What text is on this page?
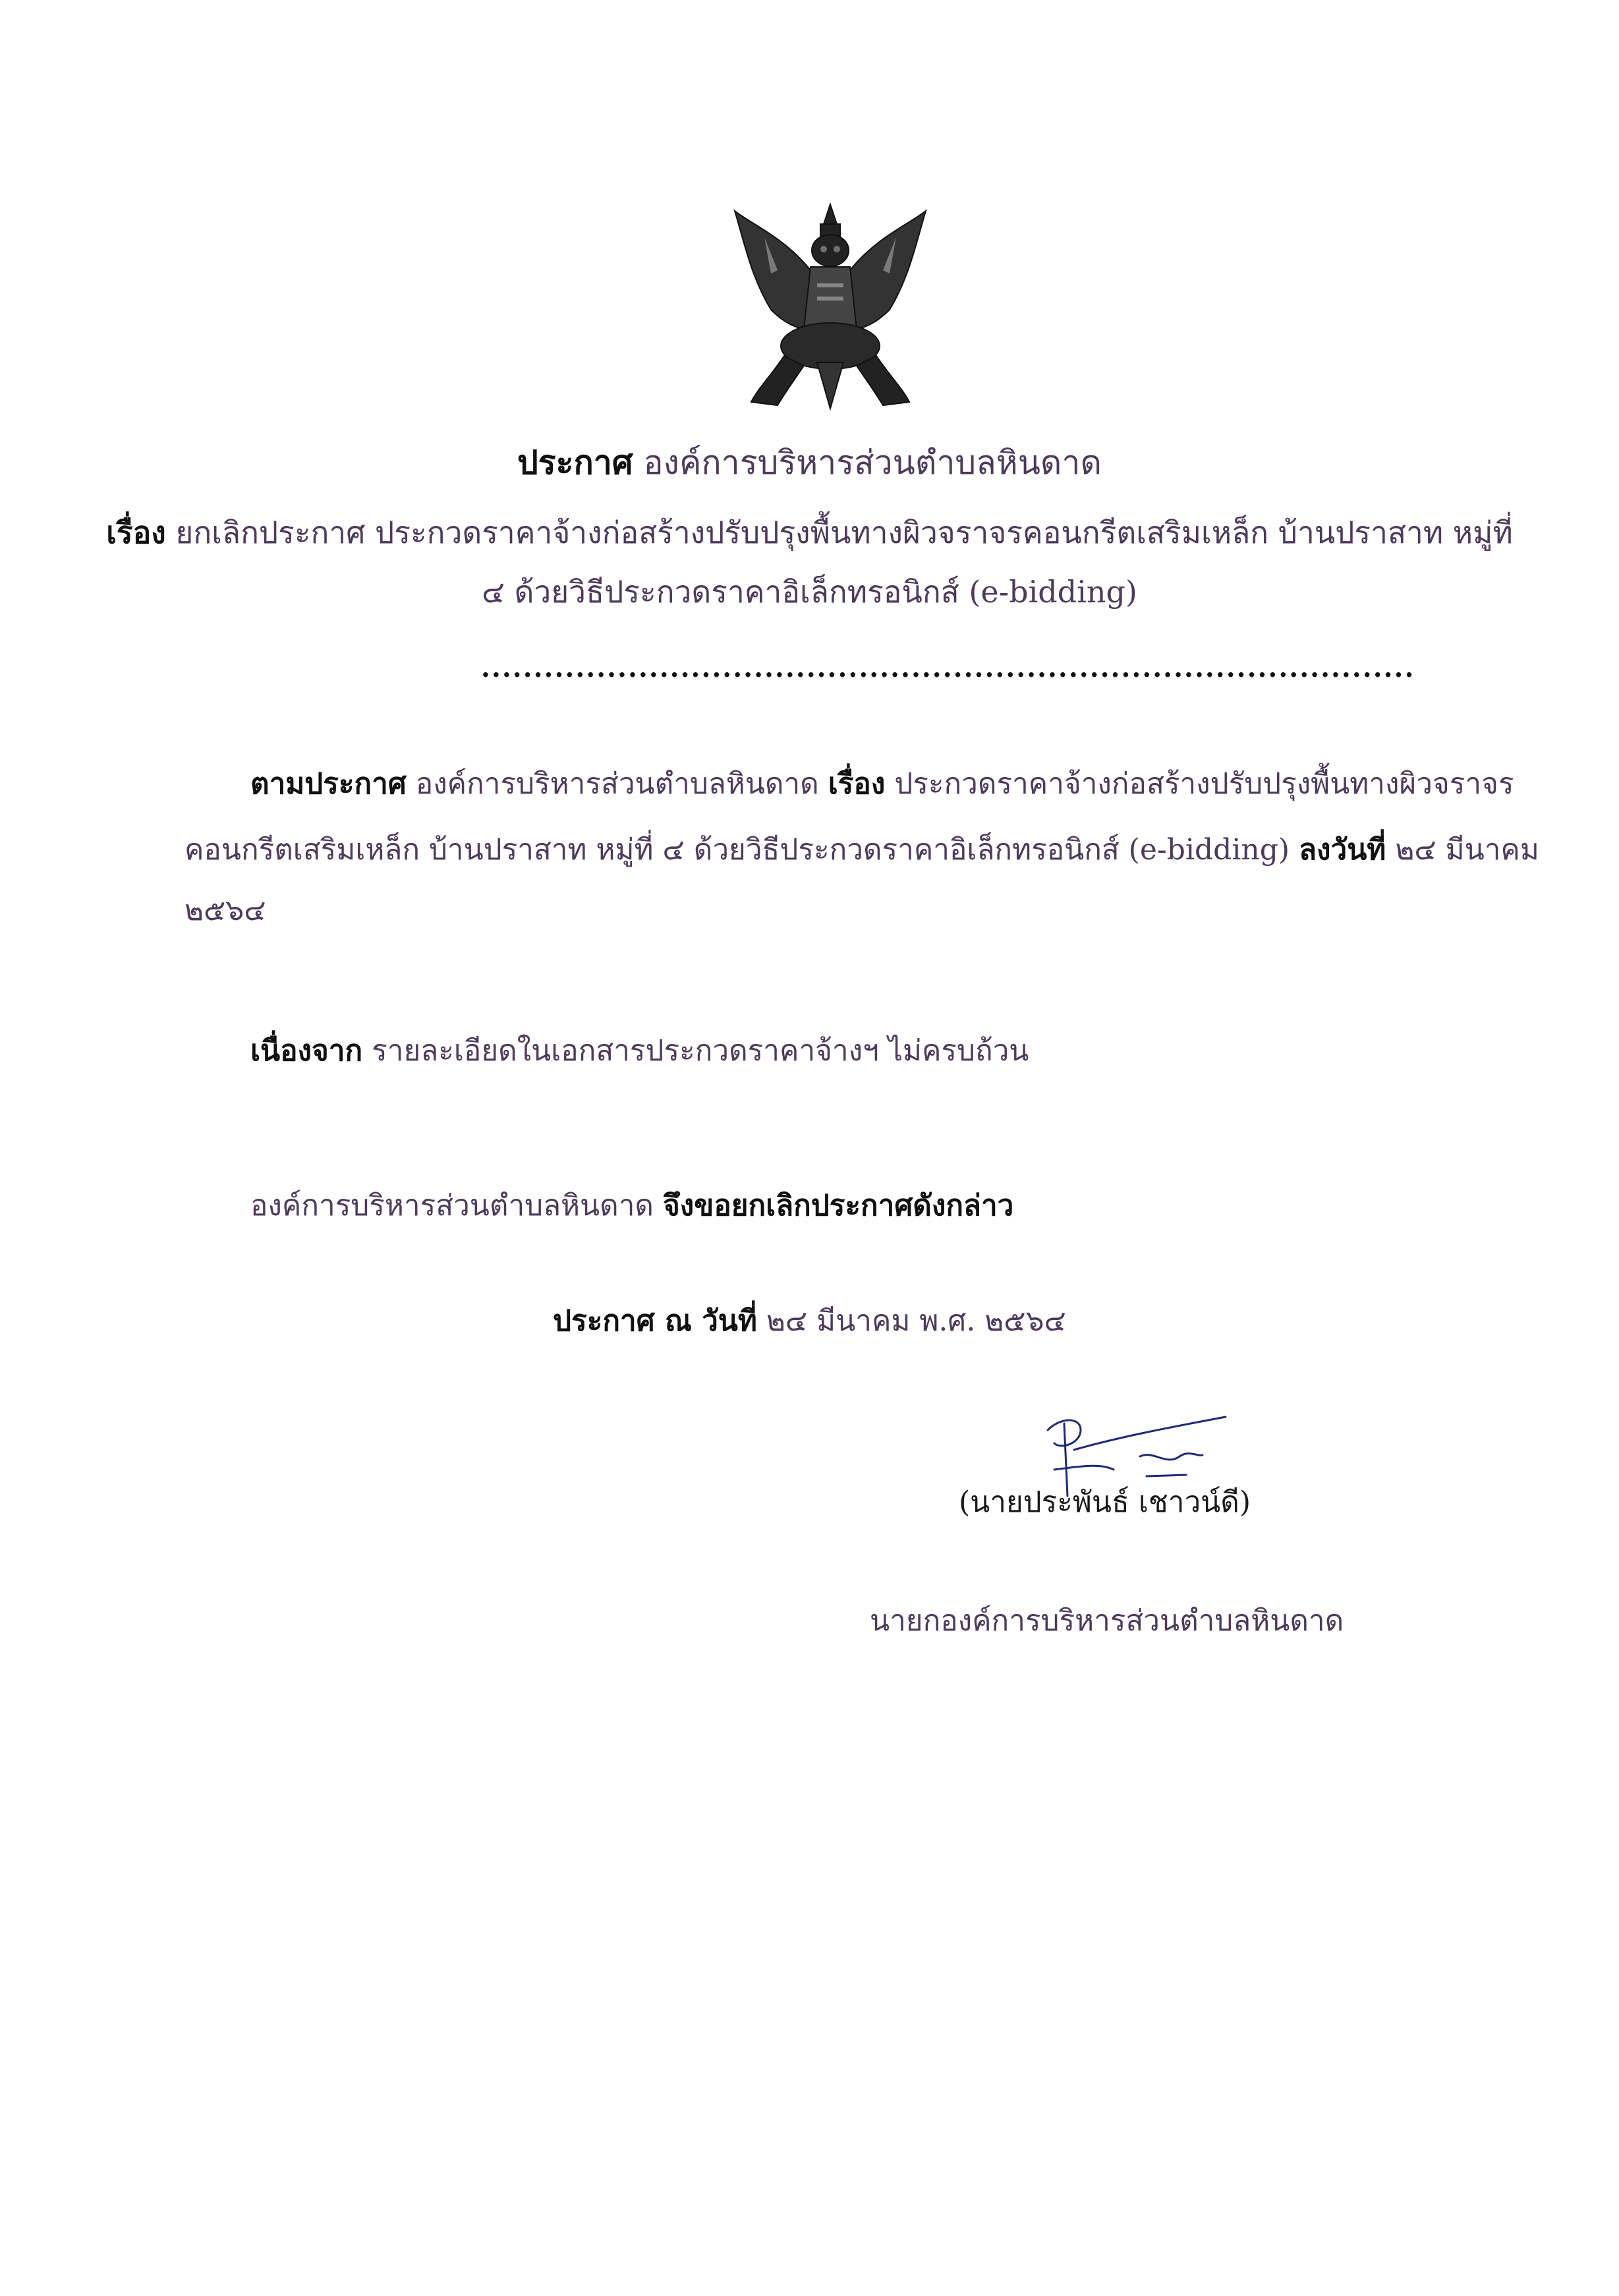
ประกาศ องค์การบริหารส่วนตำบลหินดาด
เรื่อง ยกเลิกประกาศ ประกวดราคาจ้างก่อสร้างปรับปรุงพื้นทางผิวจราจรคอนกรีตเสริมเหล็ก บ้านปราสาท หมู่ที่
๔ ด้วยวิธีประกวดราคาอิเล็กทรอนิกส์ (e-bidding)
.........................................................................................
ตามประกาศ องค์การบริหารส่วนตำบลหินดาด เรื่อง ประกวดราคาจ้างก่อสร้างปรับปรุงพื้นทางผิวจราจร
คอนกรีตเสริมเหล็ก บ้านปราสาท หมู่ที่ ๔ ด้วยวิธีประกวดราคาอิเล็กทรอนิกส์ (e-bidding) ลงวันที่ ๒๔ มีนาคม
๒๕๖๔
เนื่องจาก รายละเอียดในเอกสารประกวดราคาจ้างฯ ไม่ครบถ้วน
องค์การบริหารส่วนตำบลหินดาด จึงขอยกเลิกประกาศดังกล่าว
ประกาศ ณ วันที่ ๒๔ มีนาคม พ.ศ. ๒๕๖๔
(นายประพันธ์ เชาวน์ดี)
นายกองค์การบริหารส่วนตำบลหินดาด
